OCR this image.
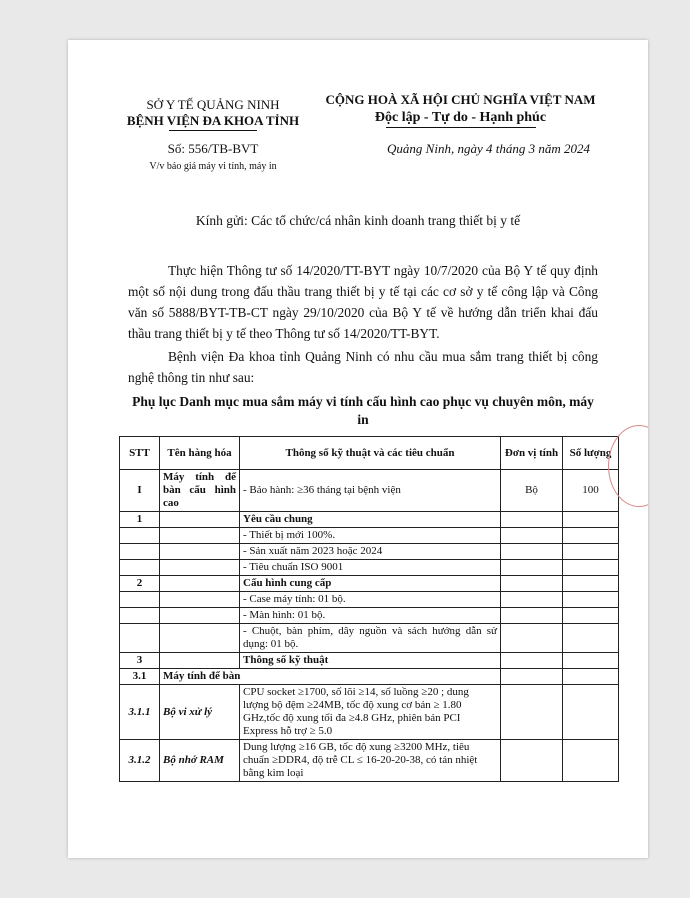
SỞ Y TẾ QUẢNG NINH
BỆNH VIỆN ĐA KHOA TỈNH
Số: 556/TB-BVT
V/v báo giá máy vi tính, máy in
CỘNG HOÀ XÃ HỘI CHỦ NGHĨA VIỆT NAM
Độc lập - Tự do - Hạnh phúc
Quảng Ninh, ngày 4 tháng 3 năm 2024
Kính gửi: Các tổ chức/cá nhân kinh doanh trang thiết bị y tế

Thực hiện Thông tư số 14/2020/TT-BYT ngày 10/7/2020 của Bộ Y tế quy định một số nội dung trong đấu thầu trang thiết bị y tế tại các cơ sở y tế công lập và Công văn số 5888/BYT-TB-CT ngày 29/10/2020 của Bộ Y tế về hướng dẫn triển khai đấu thầu trang thiết bị y tế theo Thông tư số 14/2020/TT-BYT.

Bệnh viện Đa khoa tỉnh Quảng Ninh có nhu cầu mua sắm trang thiết bị công nghệ thông tin như sau:

Phụ lục Danh mục mua sắm máy vi tính cấu hình cao phục vụ chuyên môn, máy in
STT	Tên hàng hóa	Thông số kỹ thuật và các tiêu chuẩn	Đơn vị tính	Số lượng
I	Máy tính để bàn cấu hình cao	- Bảo hành: ≥36 tháng tại bệnh viện	Bộ	100
1		Yêu cầu chung		
		- Thiết bị mới 100%.		
		- Sản xuất năm 2023 hoặc 2024		
		- Tiêu chuẩn ISO 9001		
2		Cấu hình cung cấp		
		- Case máy tính: 01 bộ.		
		- Màn hình: 01 bộ.		
		- Chuột, bàn phím, dây nguồn và sách hướng dẫn sử dụng: 01 bộ.		
3		Thông số kỹ thuật		
3.1	Máy tính để bàn			
3.1.1	Bộ vi xử lý	CPU socket ≥1700, số lõi ≥14, số luồng ≥20 ; dung lượng bộ đệm ≥24MB, tốc độ xung cơ bản ≥ 1.80 GHz,tốc độ xung tối đa ≥4.8 GHz, phiên bản PCI Express hỗ trợ ≥ 5.0		
3.1.2	Bộ nhớ RAM	Dung lượng ≥16 GB, tốc độ xung ≥3200 MHz, tiêu chuẩn ≥DDR4, độ trễ CL ≤ 16-20-20-38, có tản nhiệt bằng kim loại		
